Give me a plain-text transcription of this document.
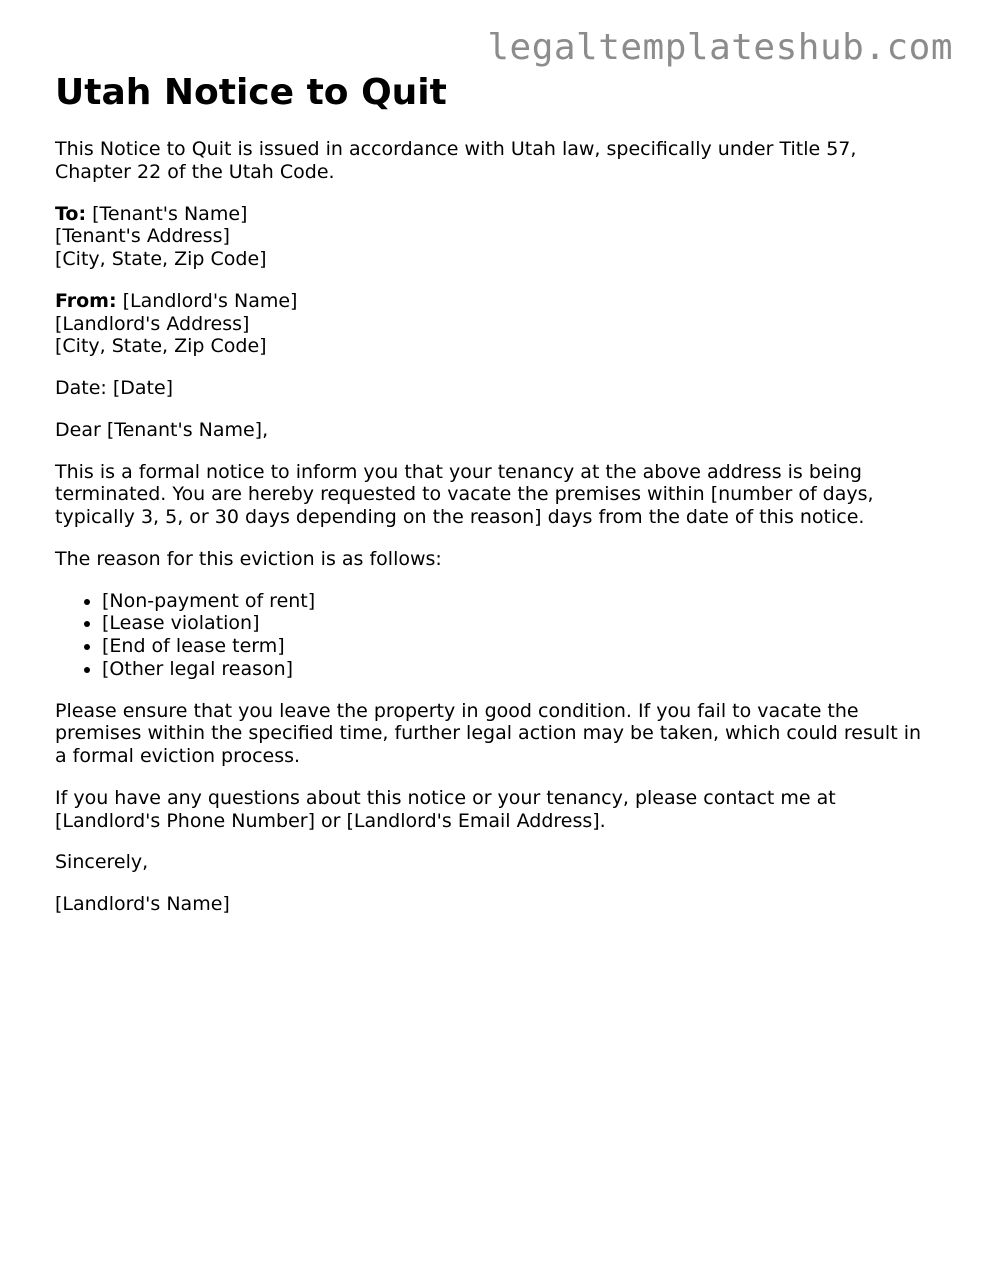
legaltemplateshub.com
Utah Notice to Quit

This Notice to Quit is issued in accordance with Utah law, specifically under Title 57, Chapter 22 of the Utah Code.

To: [Tenant's Name]
[Tenant's Address]
[City, State, Zip Code]

From: [Landlord's Name]
[Landlord's Address]
[City, State, Zip Code]

Date: [Date]

Dear [Tenant's Name],

This is a formal notice to inform you that your tenancy at the above address is being terminated. You are hereby requested to vacate the premises within [number of days, typically 3, 5, or 30 days depending on the reason] days from the date of this notice.

The reason for this eviction is as follows:

• [Non-payment of rent]
• [Lease violation]
• [End of lease term]
• [Other legal reason]

Please ensure that you leave the property in good condition. If you fail to vacate the premises within the specified time, further legal action may be taken, which could result in a formal eviction process.

If you have any questions about this notice or your tenancy, please contact me at [Landlord's Phone Number] or [Landlord's Email Address].

Sincerely,

[Landlord's Name]
